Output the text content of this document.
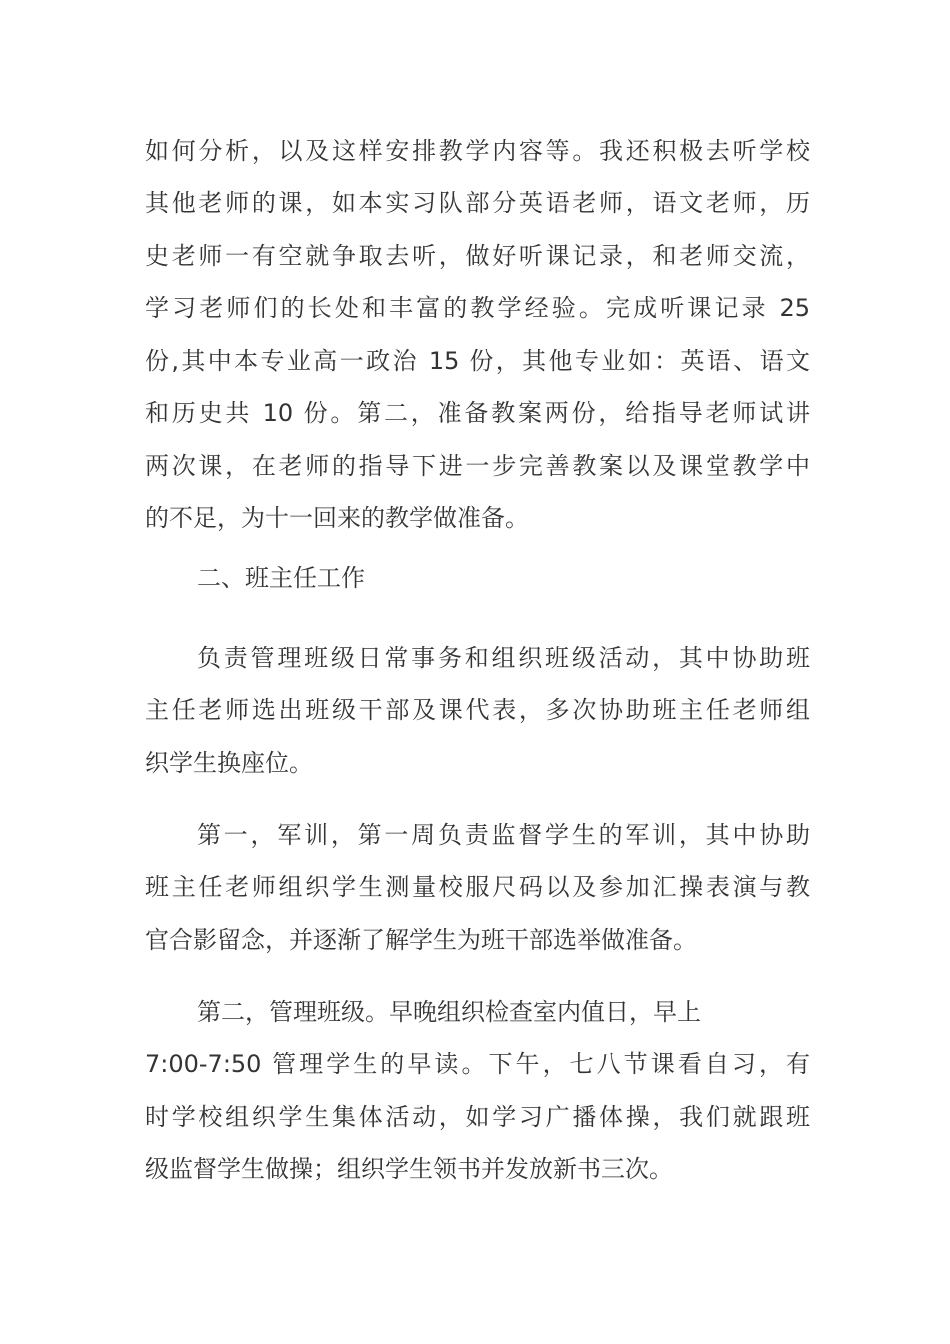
如何分析，以及这样安排教学内容等。我还积极去听学校
其他老师的课，如本实习队部分英语老师，语文老师，历
史老师一有空就争取去听，做好听课记录，和老师交流，
学习老师们的长处和丰富的教学经验。完成听课记录 25
份,其中本专业高一政治 15 份，其他专业如：英语、语文
和历史共 10 份。第二，准备教案两份，给指导老师试讲
两次课，在老师的指导下进一步完善教案以及课堂教学中
的不足，为十一回来的教学做准备。
二、班主任工作
负责管理班级日常事务和组织班级活动，其中协助班
主任老师选出班级干部及课代表，多次协助班主任老师组
织学生换座位。
第一，军训，第一周负责监督学生的军训，其中协助
班主任老师组织学生测量校服尺码以及参加汇操表演与教
官合影留念，并逐渐了解学生为班干部选举做准备。
第二，管理班级。早晚组织检查室内值日，早上
7:00-7:50 管理学生的早读。下午，七八节课看自习，有
时学校组织学生集体活动，如学习广播体操，我们就跟班
级监督学生做操；组织学生领书并发放新书三次。
